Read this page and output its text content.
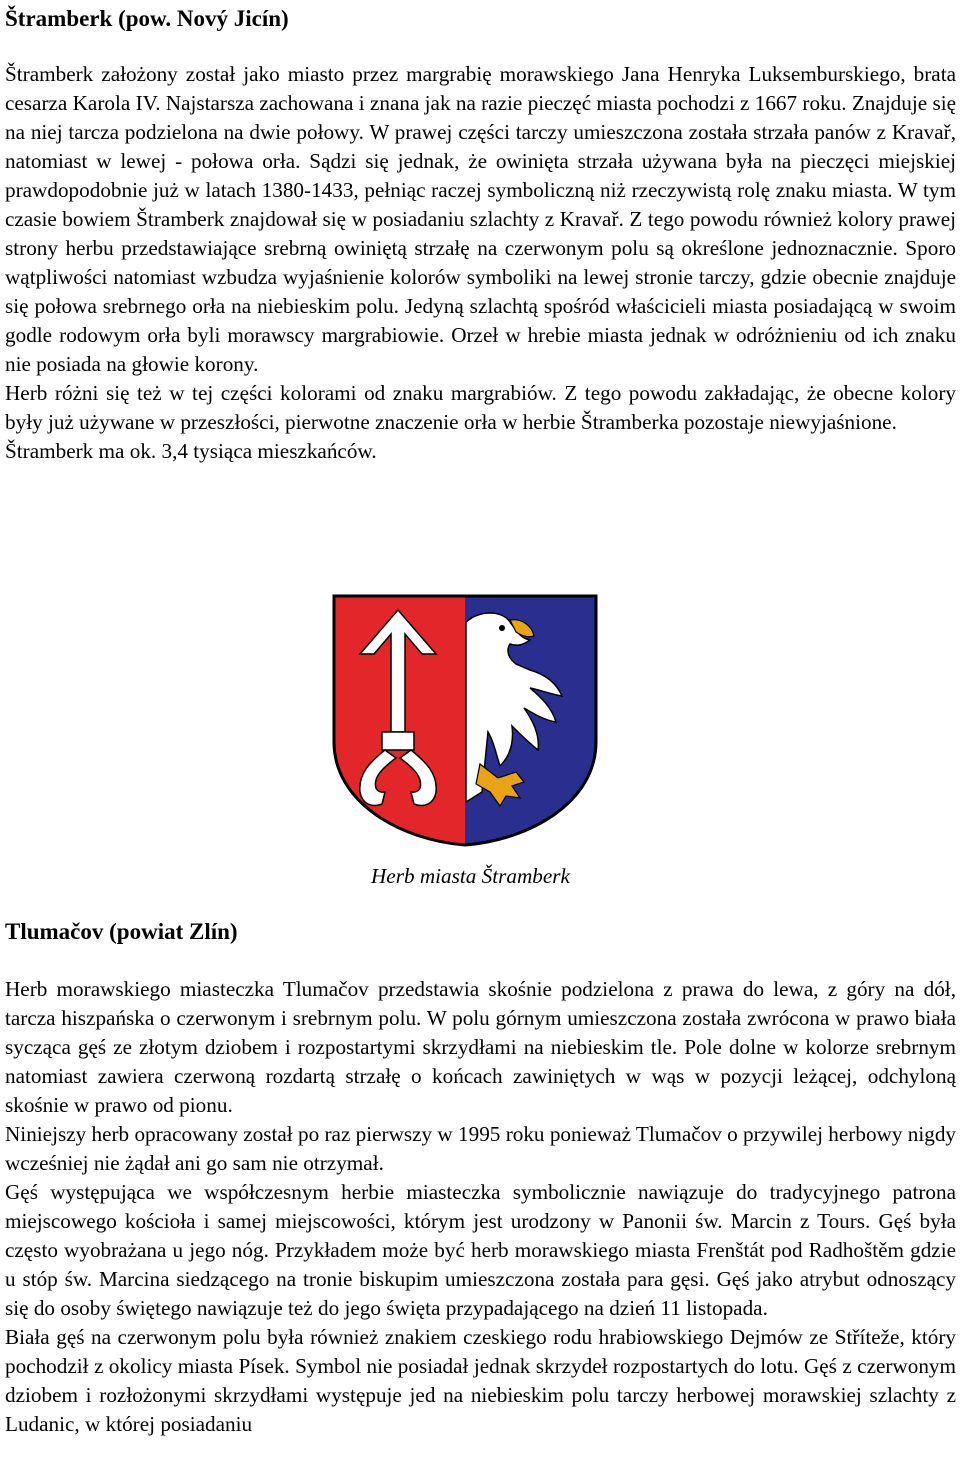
Štramberk (pow. Nový Jicín)

Štramberk założony został jako miasto przez margrabię morawskiego Jana Henryka Luksemburskiego, brata cesarza Karola IV. Najstarsza zachowana i znana jak na razie pieczęć miasta pochodzi z 1667 roku. Znajduje się na niej tarcza podzielona na dwie połowy. W prawej części tarczy umieszczona została strzała panów z Kravař, natomiast w lewej - połowa orła. Sądzi się jednak, że owinięta strzała używana była na pieczęci miejskiej prawdopodobnie już w latach 1380-1433, pełniąc raczej symboliczną niż rzeczywistą rolę znaku miasta. W tym czasie bowiem Štramberk znajdował się w posiadaniu szlachty z Kravař. Z tego powodu również kolory prawej strony herbu przedstawiające srebrną owiniętą strzałę na czerwonym polu są określone jednoznacznie. Sporo wątpliwości natomiast wzbudza wyjaśnienie kolorów symboliki na lewej stronie tarczy, gdzie obecnie znajduje się połowa srebrnego orła na niebieskim polu. Jedyną szlachtą spośród właścicieli miasta posiadającą w swoim godle rodowym orła byli morawscy margrabiowie. Orzeł w hrebie miasta jednak w odróżnieniu od ich znaku nie posiada na głowie korony.

Herb różni się też w tej części kolorami od znaku margrabiów. Z tego powodu zakładając, że obecne kolory były już używane w przeszłości, pierwotne znaczenie orła w herbie Štramberka pozostaje niewyjaśnione.

Štramberk ma ok. 3,4 tysiąca mieszkańców.

Herb miasta Štramberk
Tlumačov (powiat Zlín)

Herb morawskiego miasteczka Tlumačov przedstawia skośnie podzielona z prawa do lewa, z góry na dół, tarcza hiszpańska o czerwonym i srebrnym polu. W polu górnym umieszczona została zwrócona w prawo biała sycząca gęś ze złotym dziobem i rozpostartymi skrzydłami na niebieskim tle. Pole dolne w kolorze srebrnym natomiast zawiera czerwoną rozdartą strzałę o końcach zawiniętych w wąs w pozycji leżącej, odchyloną skośnie w prawo od pionu.

Niniejszy herb opracowany został po raz pierwszy w 1995 roku ponieważ Tlumačov o przywilej herbowy nigdy wcześniej nie żądał ani go sam nie otrzymał.

Gęś występująca we współczesnym herbie miasteczka symbolicznie nawiązuje do tradycyjnego patrona miejscowego kościoła i samej miejscowości, którym jest urodzony w Panonii św. Marcin z Tours. Gęś była często wyobrażana u jego nóg. Przykładem może być herb morawskiego miasta Frenštát pod Radhoštěm gdzie u stóp św. Marcina siedzącego na tronie biskupim umieszczona została para gęsi. Gęś jako atrybut odnoszący się do osoby świętego nawiązuje też do jego święta przypadającego na dzień 11 listopada.

Biała gęś na czerwonym polu była również znakiem czeskiego rodu hrabiowskiego Dejmów ze Stříteže, który pochodził z okolicy miasta Písek. Symbol nie posiadał jednak skrzydeł rozpostartych do lotu. Gęś z czerwonym dziobem i rozłożonymi skrzydłami występuje jed na niebieskim polu tarczy herbowej morawskiej szlachty z Ludanic, w której posiadaniu
